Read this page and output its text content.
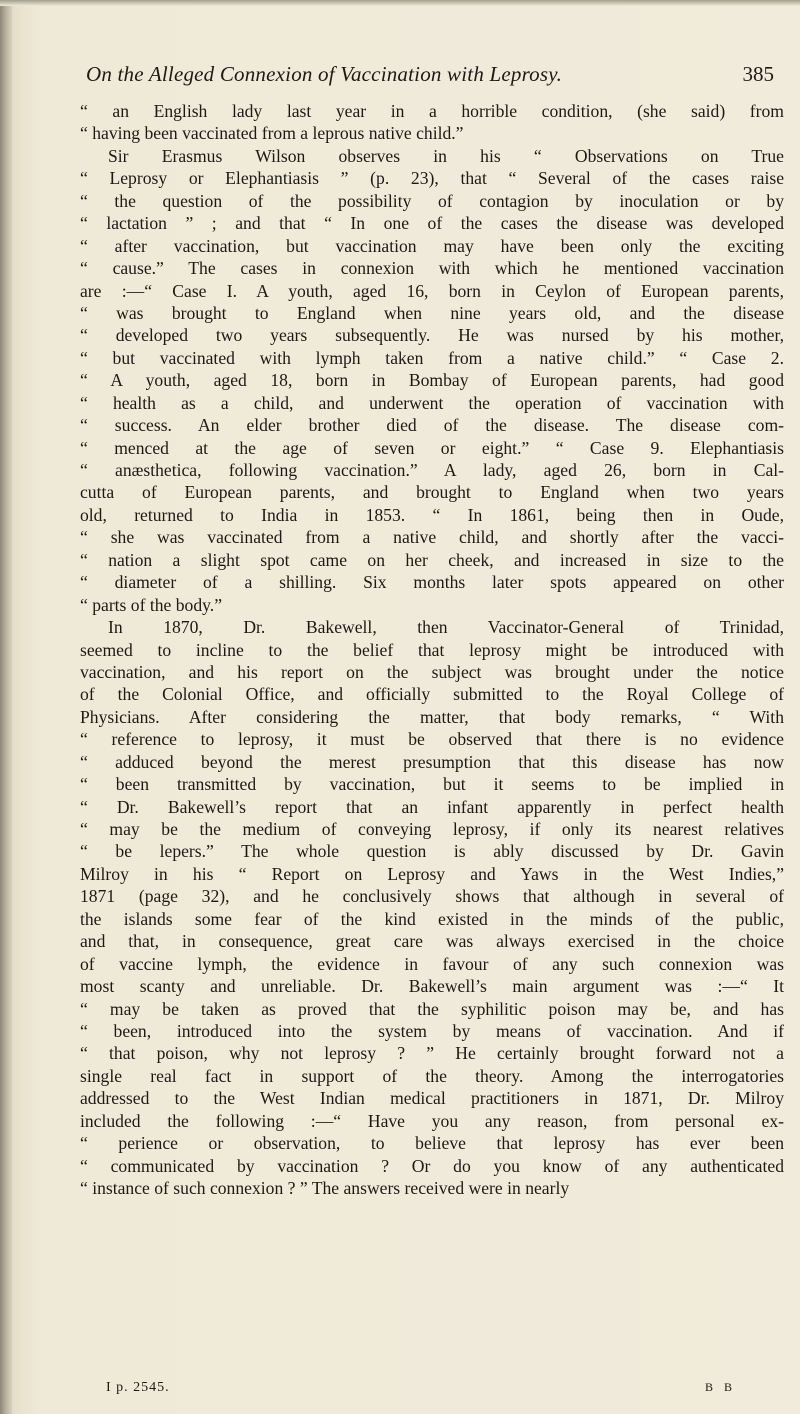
On the Alleged Connexion of Vaccination with Leprosy.	385
“ an English lady last year in a horrible condition, (she said) from
“ having been vaccinated from a leprous native child.”
Sir Erasmus Wilson observes in his “ Observations on True
“ Leprosy or Elephantiasis ” (p. 23), that “ Several of the cases raise
“ the question of the possibility of contagion by inoculation or by
“ lactation ” ; and that “ In one of the cases the disease was developed
“ after vaccination, but vaccination may have been only the exciting
“ cause.” The cases in connexion with which he mentioned vaccination
are :—“ Case I. A youth, aged 16, born in Ceylon of European parents,
“ was brought to England when nine years old, and the disease
“ developed two years subsequently. He was nursed by his mother,
“ but vaccinated with lymph taken from a native child.” “ Case 2.
“ A youth, aged 18, born in Bombay of European parents, had good
“ health as a child, and underwent the operation of vaccination with
“ success. An elder brother died of the disease. The disease com-
“ menced at the age of seven or eight.” “ Case 9. Elephantiasis
“ anæsthetica, following vaccination.” A lady, aged 26, born in Cal-
cutta of European parents, and brought to England when two years
old, returned to India in 1853. “ In 1861, being then in Oude,
“ she was vaccinated from a native child, and shortly after the vacci-
“ nation a slight spot came on her cheek, and increased in size to the
“ diameter of a shilling. Six months later spots appeared on other
“ parts of the body.”
In 1870, Dr. Bakewell, then Vaccinator-General of Trinidad,
seemed to incline to the belief that leprosy might be introduced with
vaccination, and his report on the subject was brought under the notice
of the Colonial Office, and officially submitted to the Royal College of
Physicians. After considering the matter, that body remarks, “ With
“ reference to leprosy, it must be observed that there is no evidence
“ adduced beyond the merest presumption that this disease has now
“ been transmitted by vaccination, but it seems to be implied in
“ Dr. Bakewell’s report that an infant apparently in perfect health
“ may be the medium of conveying leprosy, if only its nearest relatives
“ be lepers.” The whole question is ably discussed by Dr. Gavin
Milroy in his “ Report on Leprosy and Yaws in the West Indies,”
1871 (page 32), and he conclusively shows that although in several of
the islands some fear of the kind existed in the minds of the public,
and that, in consequence, great care was always exercised in the choice
of vaccine lymph, the evidence in favour of any such connexion was
most scanty and unreliable. Dr. Bakewell’s main argument was :—“ It
“ may be taken as proved that the syphilitic poison may be, and has
“ been, introduced into the system by means of vaccination. And if
“ that poison, why not leprosy ? ” He certainly brought forward not a
single real fact in support of the theory. Among the interrogatories
addressed to the West Indian medical practitioners in 1871, Dr. Milroy
included the following :—“ Have you any reason, from personal ex-
“ perience or observation, to believe that leprosy has ever been
“ communicated by vaccination ? Or do you know of any authenticated
“ instance of such connexion ? ” The answers received were in nearly
I p. 2545.	B B
